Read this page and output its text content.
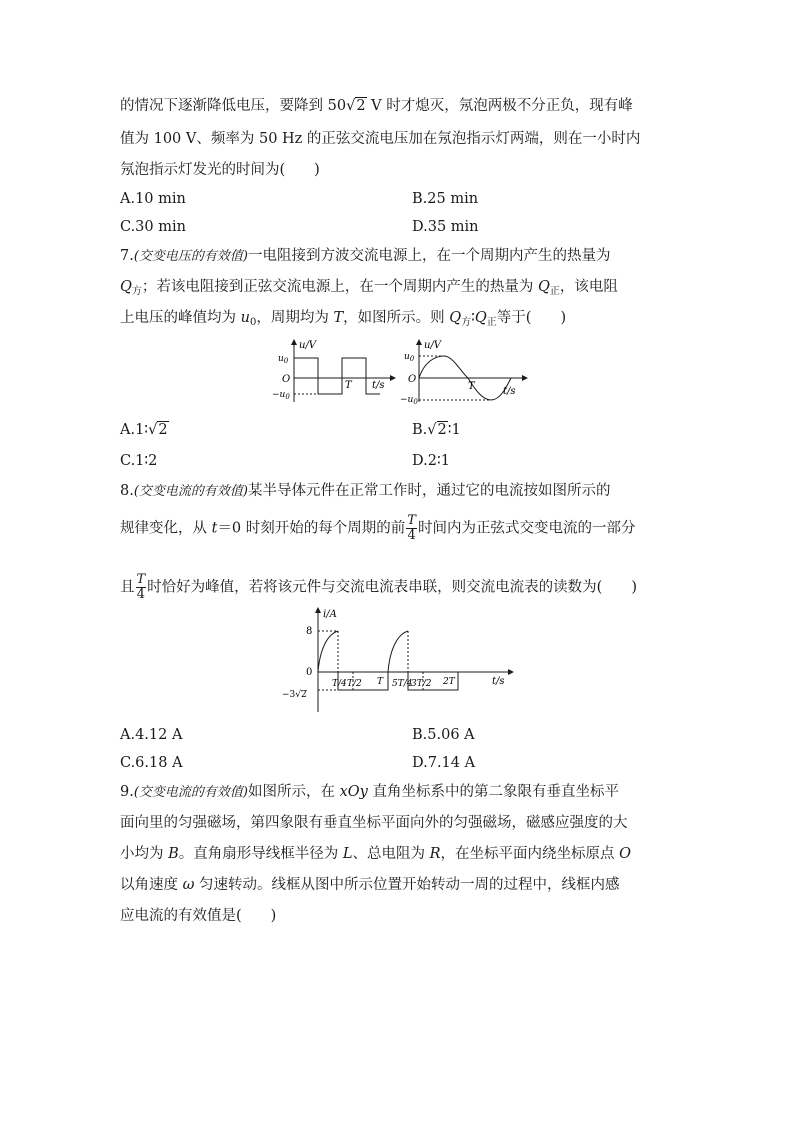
的情况下逐渐降低电压，要降到 50√2 V 时才熄灭，氖泡两极不分正负，现有峰
值为 100 V、频率为 50 Hz 的正弦交流电压加在氖泡指示灯两端，则在一小时内
氖泡指示灯发光的时间为(　　)
A.10 min	B.25 min
C.30 min	D.35 min
7.(交变电压的有效值)一电阻接到方波交流电源上，在一个周期内产生的热量为
$Q_方$；若该电阻接到正弦交流电源上，在一个周期内产生的热量为 $Q_正$，该电阻
上电压的峰值均为 $u_0$，周期均为 T，如图所示。则 $Q_方∶Q_正$等于(　　)
u/V
$u_0$
O
$-u_0$
T t/s
u/V
$u_0$
O
$-u_0$
T	t/s
A.1∶√2	B.√2∶1
C.1∶2	D.2∶1
8.(交变电流的有效值)某半导体元件在正常工作时，通过它的电流按如图所示的
规律变化，从 t＝0 时刻开始的每个周期的前 $\frac{T}{4}$ 时间内为正弦式交变电流的一部分
且 $\frac{T}{4}$ 时恰好为峰值，若将该元件与交流电流表串联，则交流电流表的读数为(　　)
i/A
8
0
−3√2
T/4 T/2 T 5T/4
3T/2 2T	t/s
A.4.12 A	B.5.06 A
C.6.18 A	D.7.14 A
9.(交变电流的有效值)如图所示，在 xOy 直角坐标系中的第二象限有垂直坐标平
面向里的匀强磁场，第四象限有垂直坐标平面向外的匀强磁场，磁感应强度的大
小均为 B。直角扇形导线框半径为 L、总电阻为 R，在坐标平面内绕坐标原点 O
以角速度 ω 匀速转动。线框从图中所示位置开始转动一周的过程中，线框内感
应电流的有效值是(　　)
